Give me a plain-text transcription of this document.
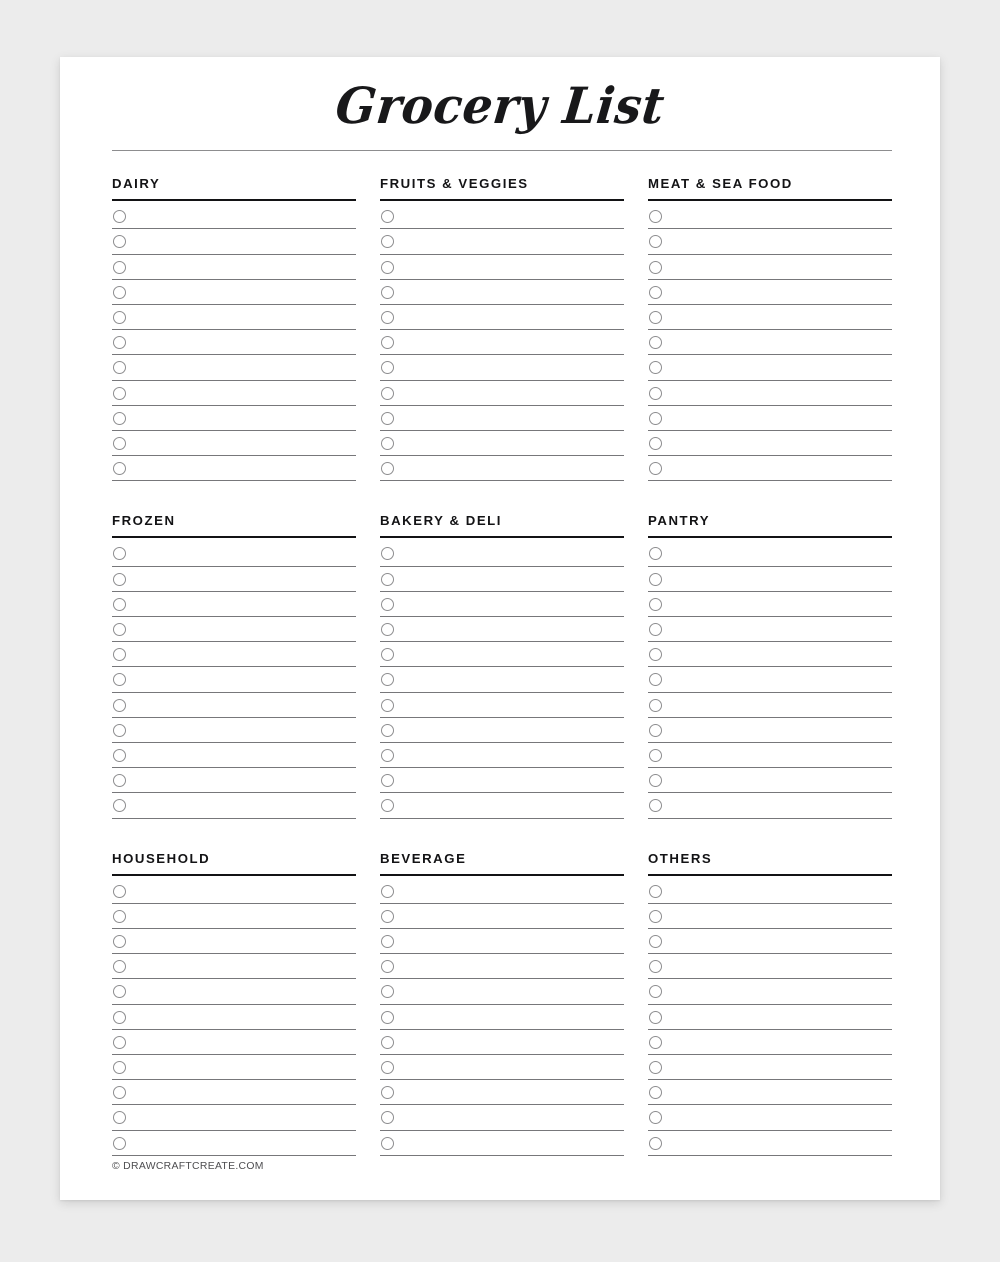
Grocery List
DAIRY	FRUITS & VEGGIES	MEAT & SEA FOOD
FROZEN	BAKERY & DELI	PANTRY
HOUSEHOLD	BEVERAGE	OTHERS
© DRAWCRAFTCREATE.COM
